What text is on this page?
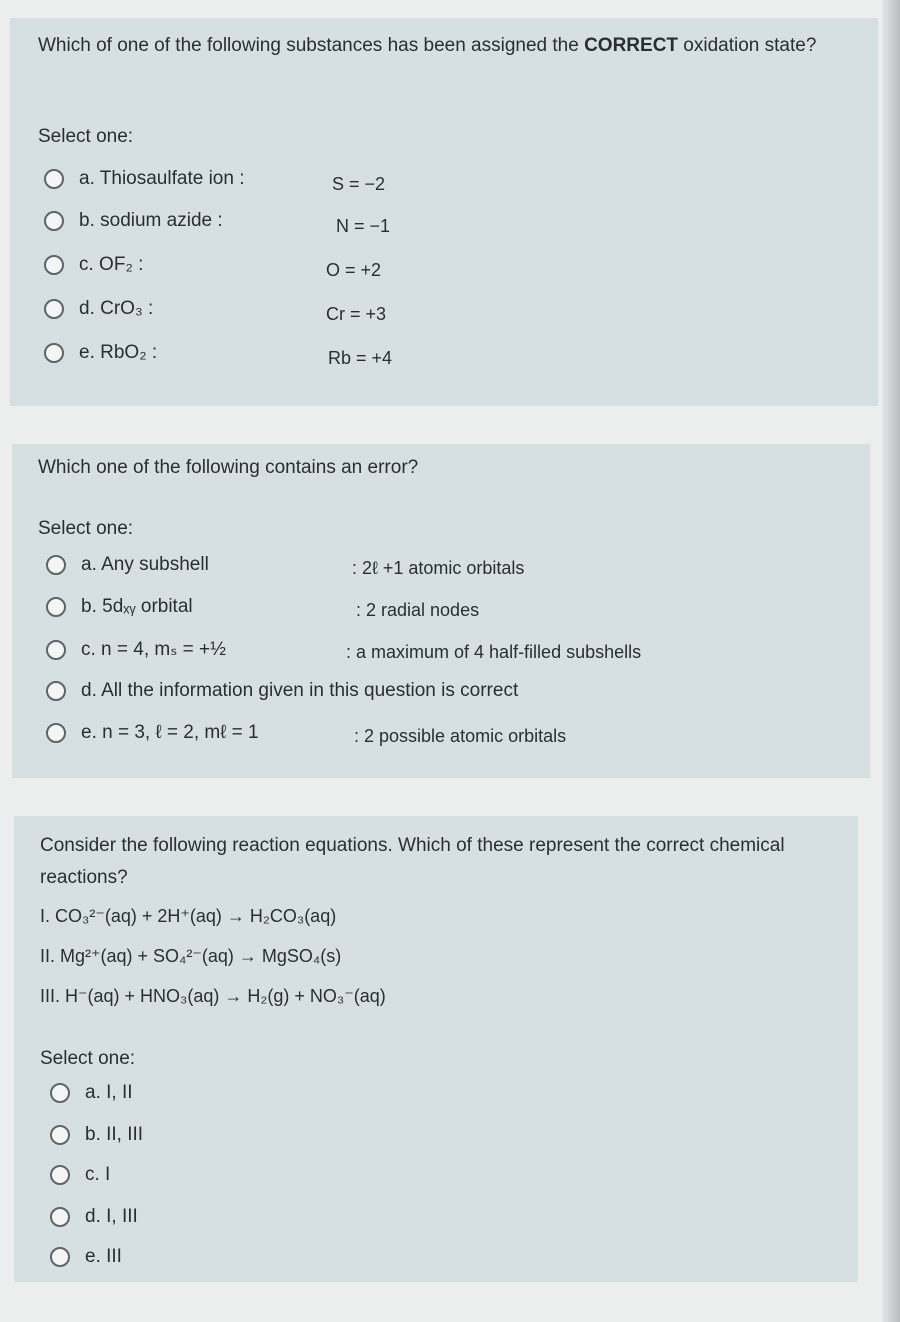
Which of one of the following substances has been assigned the CORRECT oxidation state?
Select one:
a. Thiosaulfate ion :	S = −2
b. sodium azide :	N = −1
c. OF₂ :	O = +2
d. CrO₃ :	Cr = +3
e. RbO₂ :	Rb = +4
Which one of the following contains an error?
Select one:
a. Any subshell	: 2ℓ +1 atomic orbitals
b. 5dₓᵧ orbital	: 2 radial nodes
c. n = 4, mₛ = +½	: a maximum of 4 half-filled subshells
d. All the information given in this question is correct
e. n = 3, ℓ = 2, mℓ = 1	: 2 possible atomic orbitals
Consider the following reaction equations. Which of these represent the correct chemical reactions?
I. CO₃²⁻(aq) + 2H⁺(aq) → H₂CO₃(aq)
II. Mg²⁺(aq) + SO₄²⁻(aq) → MgSO₄(s)
III. H⁻(aq) + HNO₃(aq) → H₂(g) + NO₃⁻(aq)
Select one:
a. I, II
b. II, III
c. I
d. I, III
e. III
